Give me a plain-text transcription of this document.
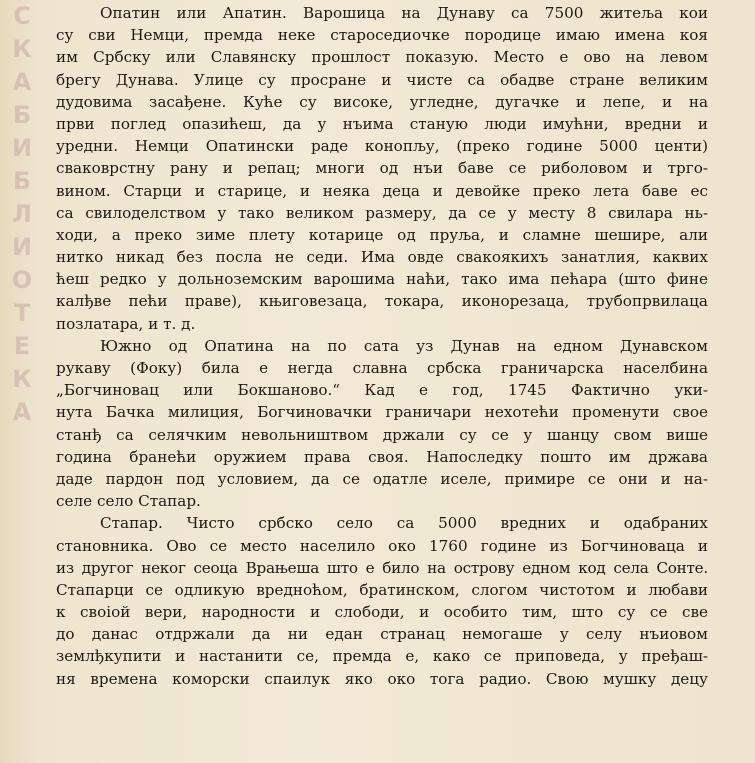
С
К
А
Б
И
Б
Л
И
О
Т
Е
К
А
Опатин или Апатин. Варошица на Дунаву са 7500 житеља кои
су сви Немци, премда неке староседиочке породице имаю имена коя
им Србску или Славянску прошлост показую. Место е ово на левом
брегу Дунава. Улице су просране и чисте са обадве стране великим
дудовима засађене. Куће су високе, угледне, дугачке и лепе, и на
први поглед опазићеш, да у нъима станую люди имућни, вредни и
уредни. Немци Опатински раде конопљу, (преко године 5000 центи)
сваковрстну рану и репац; многи од нъи баве се риболовом и трго-
вином. Старци и старице, и неяка деца и девойке преко лета баве ес
са свилоделством у тако великом размеру, да се у месту 8 свилара нь-
ходи, а преко зиме плету котарице од пруља, и сламне шешире, али
нитко никад без посла не седи. Има овде свакоякихъ занатлия, каквих
ћеш редко у дольноземским варошима наћи, тако има пећара (што фине
калђве пећи праве), књиговезаца, токара, иконорезаца, трубопрвилаца
позлатара, и т. д.
Южно од Опатина на по сата уз Дунав на едном Дунавском
рукаву (Фоку) била е негда славна србска граничарска населбина
„Богчиновац или Бокшаново.“ Кад е год, 1745 Фактично уки-
нута Бачка милиция, Богчиновачки граничари нехотећи променути свое
станђ са селячким невольништвом држали су се у шанцу свом више
година бранећи оружием права своя. Напоследку пошто им држава
даде пардон под условием, да се одатле иселе, примире се они и на-
селе село Стапар.
Стапар. Чисто србско село са 5000 вредних и одабраних
становника. Ово се место населило око 1760 године из Богчиноваца и
из другог неког сеоца Врањеша што е било на острову едном код села Сонте.
Стапарци се одликую вредноћом, братинском, слогом чистотом и любави
к своіой вери, народности и слободи, и особито тим, што су се све
до данас отдржали да ни едан странац немогаше у селу нъиовом
землђкупити и настанити се, премда е, како се приповеда, у пређаш-
ня времена коморски спаилук яко око тога радио. Свою мушку децу
